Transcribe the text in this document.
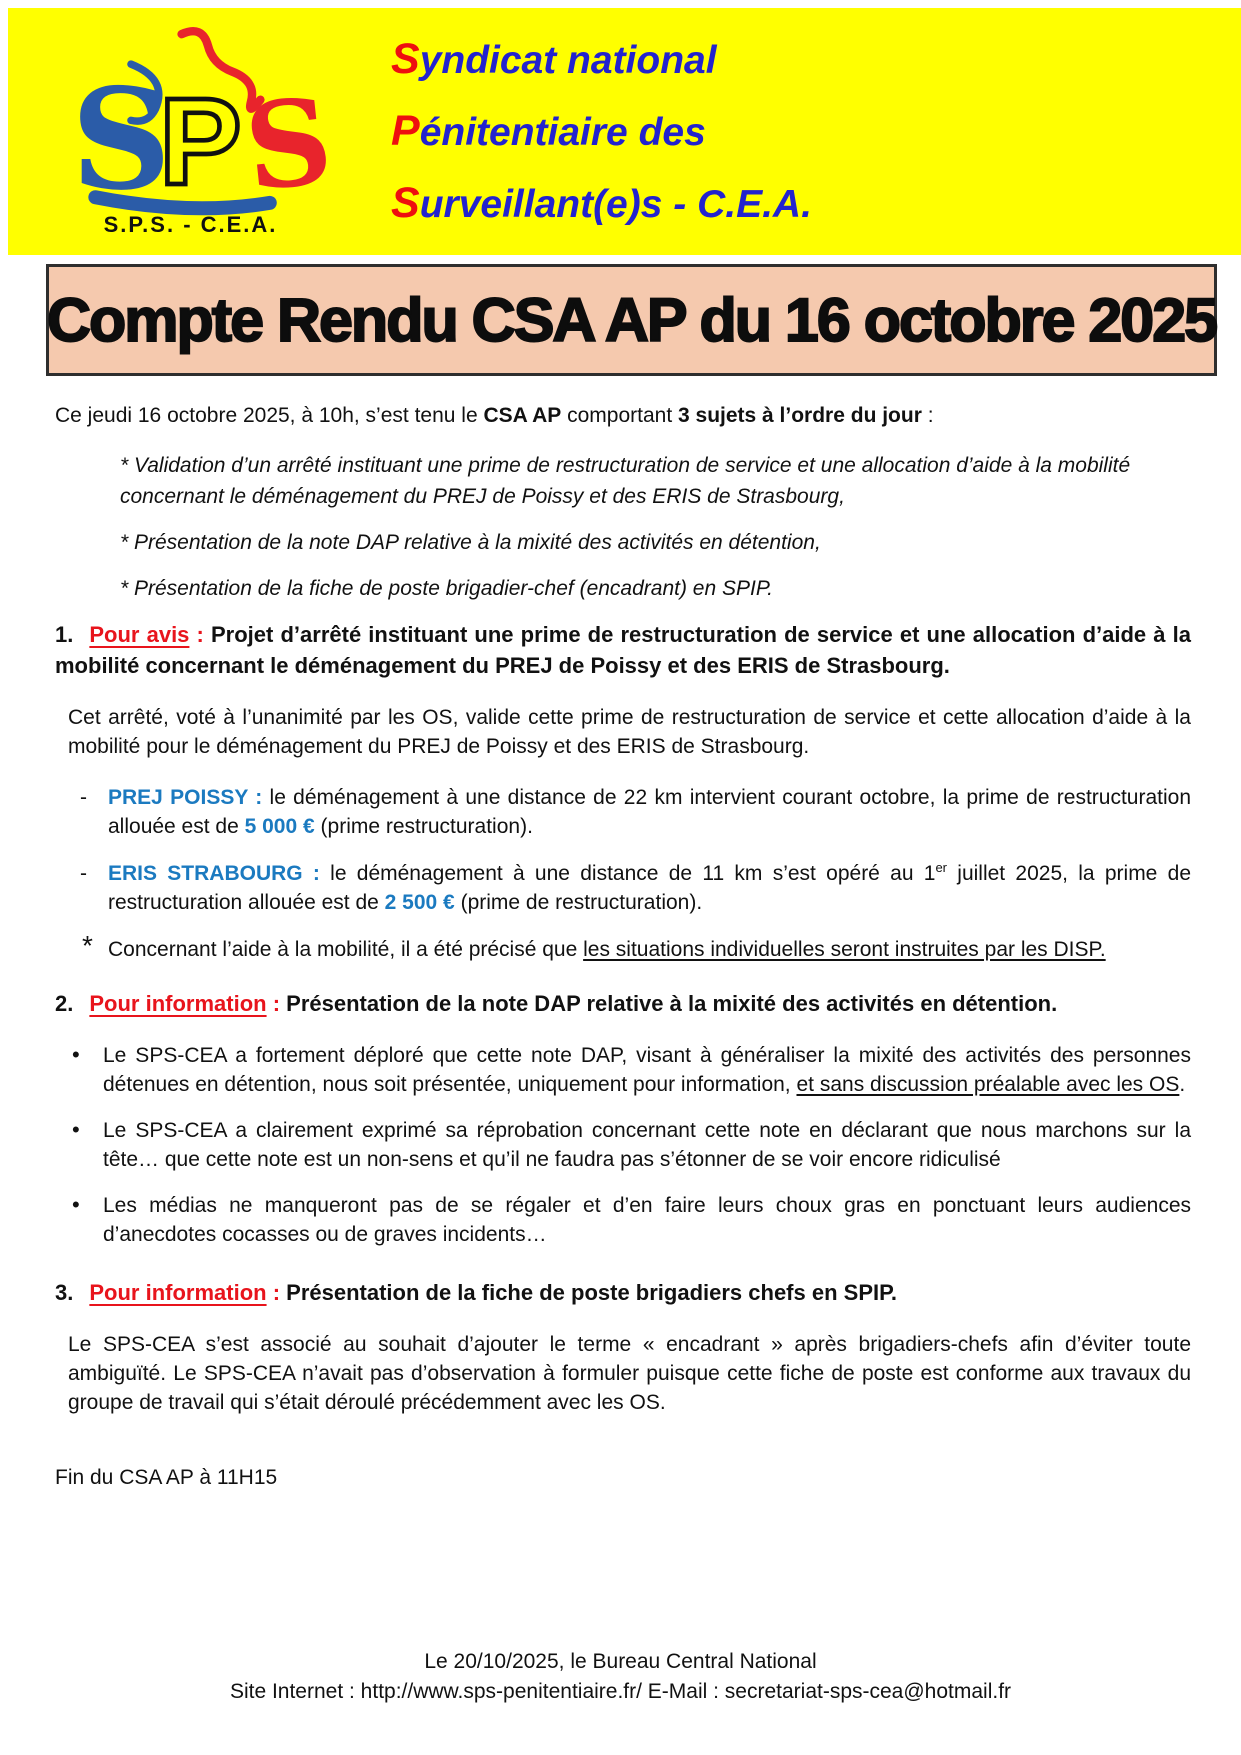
S
P
S
S.P.S. - C.E.A.
Syndicat national
Pénitentiaire des
Surveillant(e)s - C.E.A.
Compte Rendu CSA AP du 16 octobre 2025

Ce jeudi 16 octobre 2025, à 10h, s’est tenu le CSA AP comportant 3 sujets à l’ordre du jour :

* Validation d’un arrêté instituant une prime de restructuration de service et une allocation d’aide à la mobilité concernant le déménagement du PREJ de Poissy et des ERIS de Strasbourg,

* Présentation de la note DAP relative à la mixité des activités en détention,

* Présentation de la fiche de poste brigadier-chef (encadrant) en SPIP.

1. Pour avis : Projet d’arrêté instituant une prime de restructuration de service et une allocation d’aide à la mobilité concernant le déménagement du PREJ de Poissy et des ERIS de Strasbourg.

Cet arrêté, voté à l’unanimité par les OS, valide cette prime de restructuration de service et cette allocation d’aide à la mobilité pour le déménagement du PREJ de Poissy et des ERIS de Strasbourg.

- PREJ POISSY : le déménagement à une distance de 22 km intervient courant octobre, la prime de restructuration allouée est de 5 000 € (prime restructuration).

- ERIS STRABOURG : le déménagement à une distance de 11 km s’est opéré au 1er juillet 2025, la prime de restructuration allouée est de 2 500 € (prime de restructuration).

* Concernant l’aide à la mobilité, il a été précisé que les situations individuelles seront instruites par les DISP.

2. Pour information : Présentation de la note DAP relative à la mixité des activités en détention.

• Le SPS-CEA a fortement déploré que cette note DAP, visant à généraliser la mixité des activités des personnes détenues en détention, nous soit présentée, uniquement pour information, et sans discussion préalable avec les OS.

• Le SPS-CEA a clairement exprimé sa réprobation concernant cette note en déclarant que nous marchons sur la tête… que cette note est un non-sens et qu’il ne faudra pas s’étonner de se voir encore ridiculisé

• Les médias ne manqueront pas de se régaler et d’en faire leurs choux gras en ponctuant leurs audiences d’anecdotes cocasses ou de graves incidents…

3. Pour information : Présentation de la fiche de poste brigadiers chefs en SPIP.

Le SPS-CEA s’est associé au souhait d’ajouter le terme « encadrant » après brigadiers-chefs afin d’éviter toute ambiguïté. Le SPS-CEA n’avait pas d’observation à formuler puisque cette fiche de poste est conforme aux travaux du groupe de travail qui s’était déroulé précédemment avec les OS.

Fin du CSA AP à 11H15

Le 20/10/2025, le Bureau Central National
Site Internet : http://www.sps-penitentiaire.fr/ E-Mail : secretariat-sps-cea@hotmail.fr
